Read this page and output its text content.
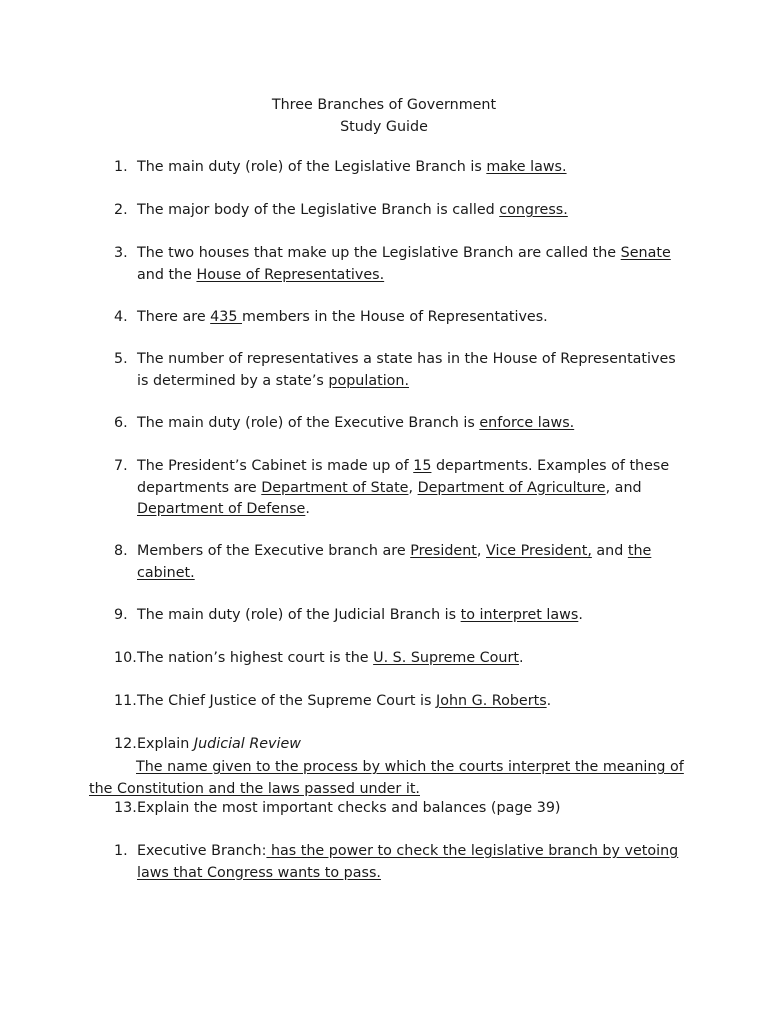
Three Branches of Government
Study Guide
1. The main duty (role) of the Legislative Branch is make laws.
2. The major body of the Legislative Branch is called congress.
3. The two houses that make up the Legislative Branch are called the Senate and the House of Representatives.
4. There are 435 members in the House of Representatives.
5. The number of representatives a state has in the House of Representatives is determined by a state’s population.
6. The main duty (role) of the Executive Branch is enforce laws.
7. The President’s Cabinet is made up of 15 departments. Examples of these departments are Department of State, Department of Agriculture, and Department of Defense.
8. Members of the Executive branch are President, Vice President, and the cabinet.
9. The main duty (role) of the Judicial Branch is to interpret laws.
10. The nation’s highest court is the U. S. Supreme Court.
11. The Chief Justice of the Supreme Court is John G. Roberts.
12. Explain Judicial Review
The name given to the process by which the courts interpret the meaning of the Constitution and the laws passed under it.
13. Explain the most important checks and balances (page 39)
1. Executive Branch: has the power to check the legislative branch by vetoing laws that Congress wants to pass.
